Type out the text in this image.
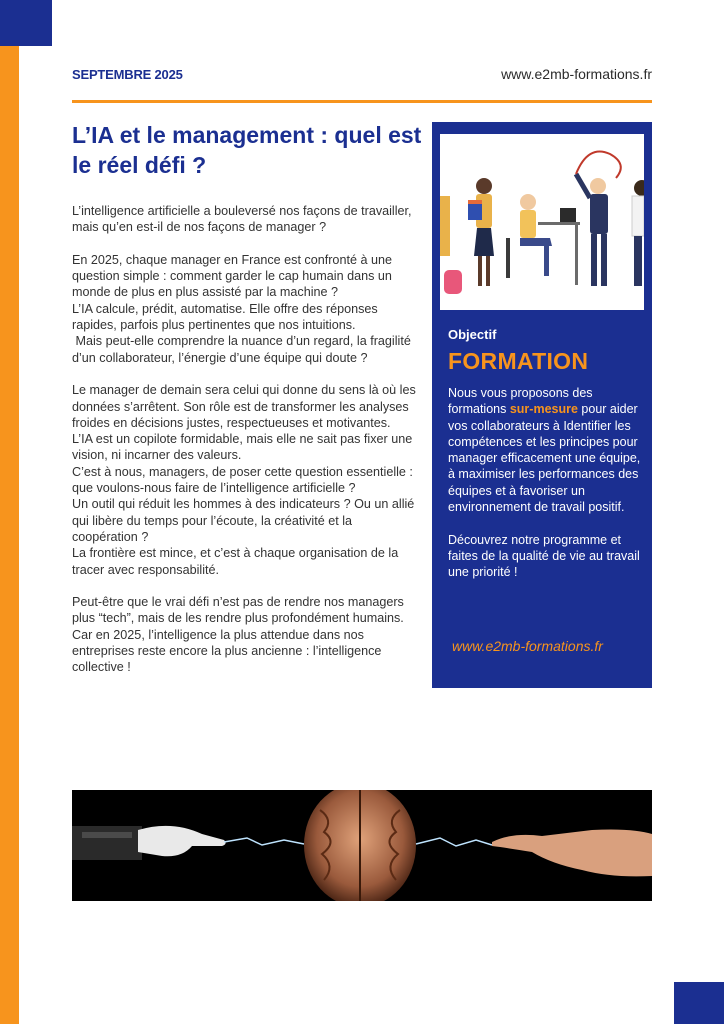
SEPTEMBRE 2025	www.e2mb-formations.fr
L’IA et le management : quel est le réel défi ?

L’intelligence artificielle a bouleversé nos façons de travailler, mais qu’en est-il de nos façons de manager ?

En 2025, chaque manager en France est confronté à une question simple : comment garder le cap humain dans un monde de plus en plus assisté par la machine ?

L’IA calcule, prédit, automatise. Elle offre des réponses rapides, parfois plus pertinentes que nos intuitions.

Mais peut-elle comprendre la nuance d’un regard, la fragilité d’un collaborateur, l’énergie d’une équipe qui doute ?

Le manager de demain sera celui qui donne du sens là où les données s’arrêtent. Son rôle est de transformer les analyses froides en décisions justes, respectueuses et motivantes.

L’IA est un copilote formidable, mais elle ne sait pas fixer une vision, ni incarner des valeurs.

C’est à nous, managers, de poser cette question essentielle : que voulons-nous faire de l’intelligence artificielle ?

Un outil qui réduit les hommes à des indicateurs ? Ou un allié qui libère du temps pour l’écoute, la créativité et la coopération ?

La frontière est mince, et c’est à chaque organisation de la tracer avec responsabilité.

Peut-être que le vrai défi n’est pas de rendre nos managers plus “tech”, mais de les rendre plus profondément humains.

Car en 2025, l’intelligence la plus attendue dans nos entreprises reste encore la plus ancienne : l’intelligence collective !

Objectif
FORMATION

Nous vous proposons des formations sur-mesure pour aider vos collaborateurs à Identifier les compétences et les principes pour manager efficacement une équipe, à maximiser les performances des équipes et à favoriser un environnement de travail positif.

Découvrez notre programme et faites de la qualité de vie au travail une priorité !

www.e2mb-formations.fr
